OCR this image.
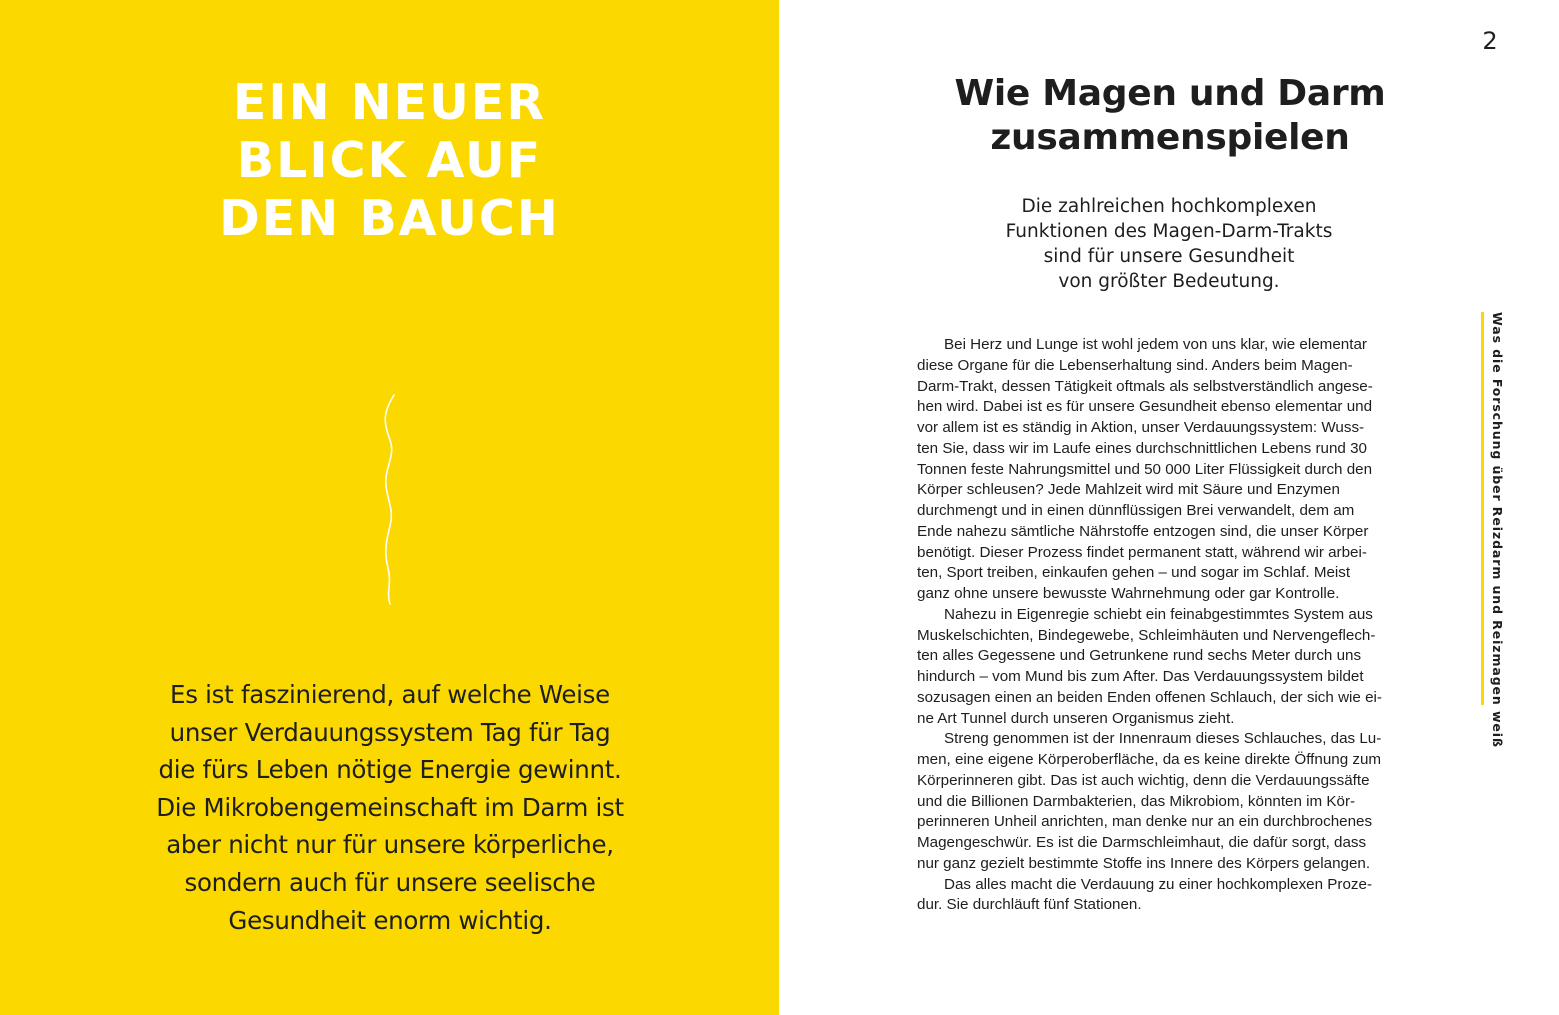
EIN NEUER
BLICK AUF
DEN BAUCH
Es ist faszinierend, auf welche Weise
unser Verdauungssystem Tag für Tag
die fürs Leben nötige Energie gewinnt.
Die Mikrobengemeinschaft im Darm ist
aber nicht nur für unsere körperliche,
sondern auch für unsere seelische
Gesundheit enorm wichtig.
2
Wie Magen und Darm
zusammenspielen
Die zahlreichen hochkomplexen
Funktionen des Magen-Darm-Trakts
sind für unsere Gesundheit
von größter Bedeutung.
Bei Herz und Lunge ist wohl jedem von uns klar, wie elementar
diese Organe für die Lebenserhaltung sind. Anders beim Magen-
Darm-Trakt, dessen Tätigkeit oftmals als selbstverständlich angese-
hen wird. Dabei ist es für unsere Gesundheit ebenso elementar und
vor allem ist es ständig in Aktion, unser Verdauungssystem: Wuss-
ten Sie, dass wir im Laufe eines durchschnittlichen Lebens rund 30
Tonnen feste Nahrungsmittel und 50 000 Liter Flüssigkeit durch den
Körper schleusen? Jede Mahlzeit wird mit Säure und Enzymen
durchmengt und in einen dünnflüssigen Brei verwandelt, dem am
Ende nahezu sämtliche Nährstoffe entzogen sind, die unser Körper
benötigt. Dieser Prozess findet permanent statt, während wir arbei-
ten, Sport treiben, einkaufen gehen – und sogar im Schlaf. Meist
ganz ohne unsere bewusste Wahrnehmung oder gar Kontrolle.
Nahezu in Eigenregie schiebt ein feinabgestimmtes System aus
Muskelschichten, Bindegewebe, Schleimhäuten und Nervengeflech-
ten alles Gegessene und Getrunkene rund sechs Meter durch uns
hindurch – vom Mund bis zum After. Das Verdauungssystem bildet
sozusagen einen an beiden Enden offenen Schlauch, der sich wie ei-
ne Art Tunnel durch unseren Organismus zieht.
Streng genommen ist der Innenraum dieses Schlauches, das Lu-
men, eine eigene Körperoberfläche, da es keine direkte Öffnung zum
Körperinneren gibt. Das ist auch wichtig, denn die Verdauungssäfte
und die Billionen Darmbakterien, das Mikrobiom, könnten im Kör-
perinneren Unheil anrichten, man denke nur an ein durchbrochenes
Magengeschwür. Es ist die Darmschleimhaut, die dafür sorgt, dass
nur ganz gezielt bestimmte Stoffe ins Innere des Körpers gelangen.
Das alles macht die Verdauung zu einer hochkomplexen Proze-
dur. Sie durchläuft fünf Stationen.
Was die Forschung über Reizdarm und Reizmagen weiß
